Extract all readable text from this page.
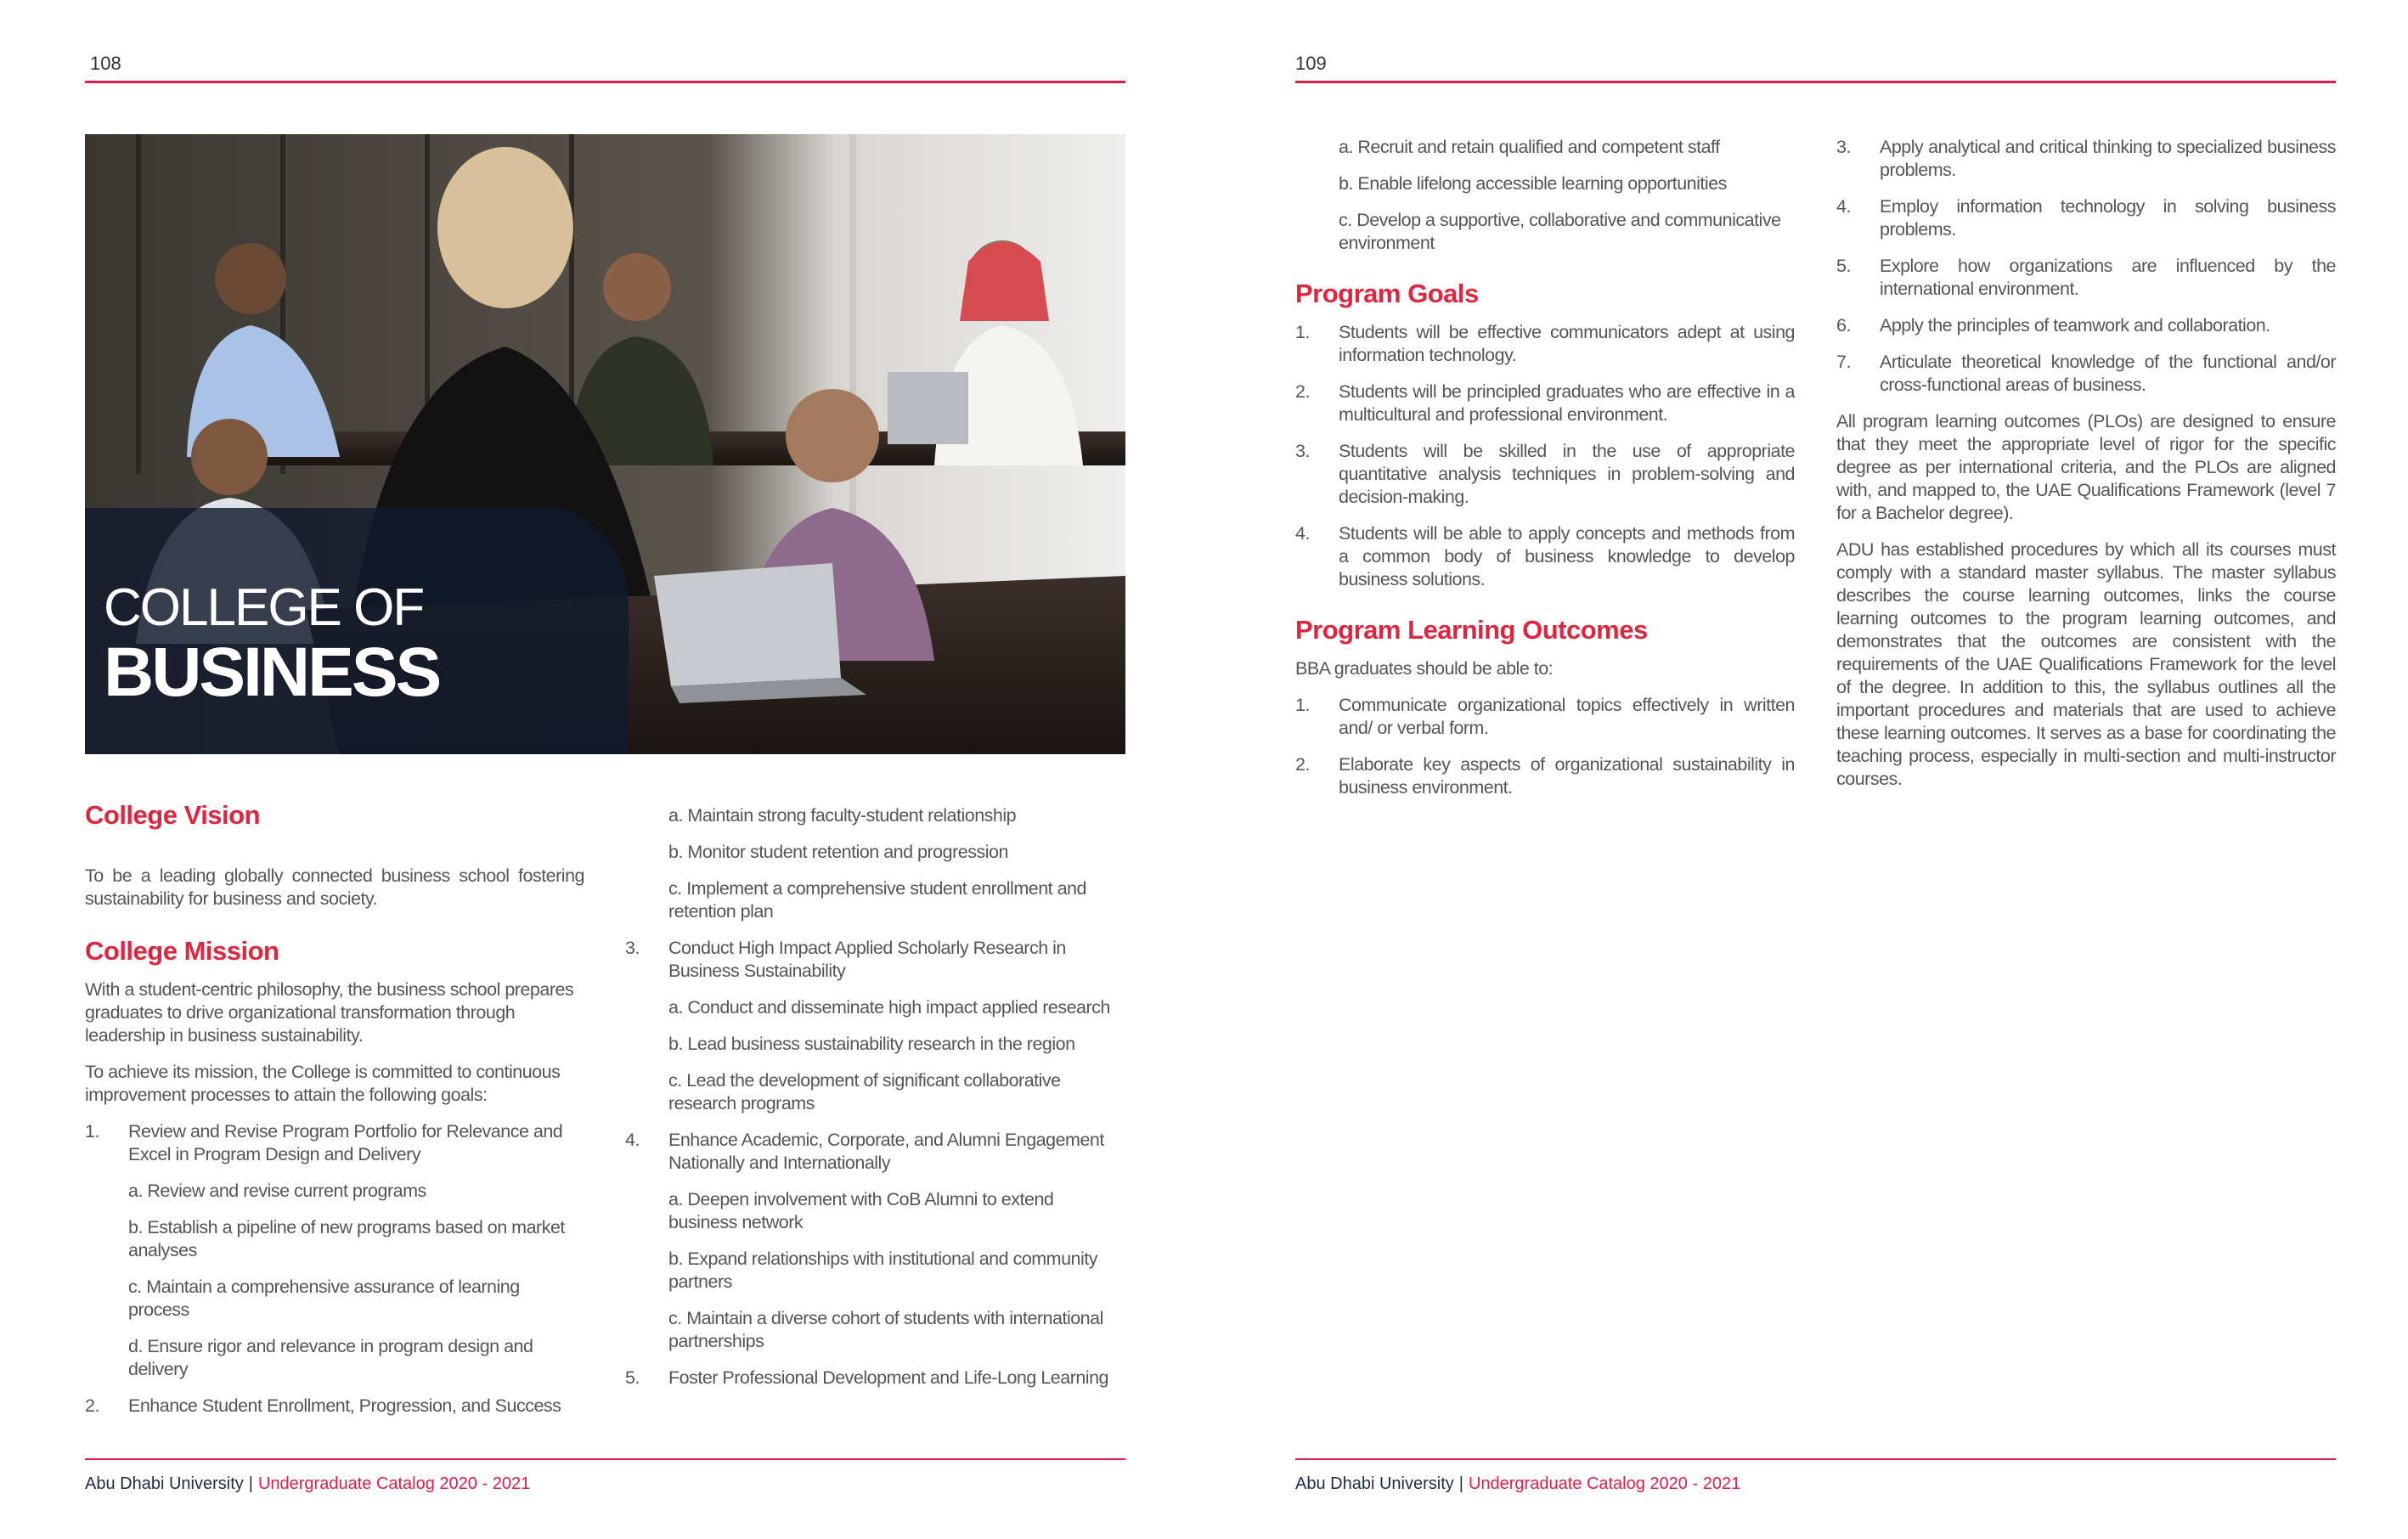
108
COLLEGE OF
BUSINESS
College Vision

To be a leading globally connected business school fostering sustainability for business and society.

College Mission

With a student-centric philosophy, the business school prepares graduates to drive organizational transformation through leadership in business sustainability.

To achieve its mission, the College is committed to continuous improvement processes to attain the following goals:

1. Review and Revise Program Portfolio for Relevance and Excel in Program Design and Delivery
a. Review and revise current programs
b. Establish a pipeline of new programs based on market analyses
c. Maintain a comprehensive assurance of learning process
d. Ensure rigor and relevance in program design and delivery
2. Enhance Student Enrollment, Progression, and Success
a. Maintain strong faculty-student relationship
b. Monitor student retention and progression
c. Implement a comprehensive student enrollment and retention plan
3. Conduct High Impact Applied Scholarly Research in Business Sustainability
a. Conduct and disseminate high impact applied research
b. Lead business sustainability research in the region
c. Lead the development of significant collaborative research programs
4. Enhance Academic, Corporate, and Alumni Engagement Nationally and Internationally
a. Deepen involvement with CoB Alumni to extend business network
b. Expand relationships with institutional and community partners
c. Maintain a diverse cohort of students with international partnerships
5. Foster Professional Development and Life-Long Learning
Abu Dhabi University | Undergraduate Catalog 2020 - 2021
109
a. Recruit and retain qualified and competent staff
b. Enable lifelong accessible learning opportunities
c. Develop a supportive, collaborative and communicative environment
Program Goals
1. Students will be effective communicators adept at using information technology.
2. Students will be principled graduates who are effective in a multicultural and professional environment.
3. Students will be skilled in the use of appropriate quantitative analysis techniques in problem-solving and decision-making.
4. Students will be able to apply concepts and methods from a common body of business knowledge to develop business solutions.
Program Learning Outcomes

BBA graduates should be able to:

1. Communicate organizational topics effectively in written and/ or verbal form.
2. Elaborate key aspects of organizational sustainability in business environment.
3. Apply analytical and critical thinking to specialized business problems.
4. Employ information technology in solving business problems.
5. Explore how organizations are influenced by the international environment.
6. Apply the principles of teamwork and collaboration.
7. Articulate theoretical knowledge of the functional and/or cross-functional areas of business.

All program learning outcomes (PLOs) are designed to ensure that they meet the appropriate level of rigor for the specific degree as per international criteria, and the PLOs are aligned with, and mapped to, the UAE Qualifications Framework (level 7 for a Bachelor degree).

ADU has established procedures by which all its courses must comply with a standard master syllabus. The master syllabus describes the course learning outcomes, links the course learning outcomes to the program learning outcomes, and demonstrates that the outcomes are consistent with the requirements of the UAE Qualifications Framework for the level of the degree. In addition to this, the syllabus outlines all the important procedures and materials that are used to achieve these learning outcomes. It serves as a base for coordinating the teaching process, especially in multi-section and multi-instructor courses.

Abu Dhabi University | Undergraduate Catalog 2020 - 2021
